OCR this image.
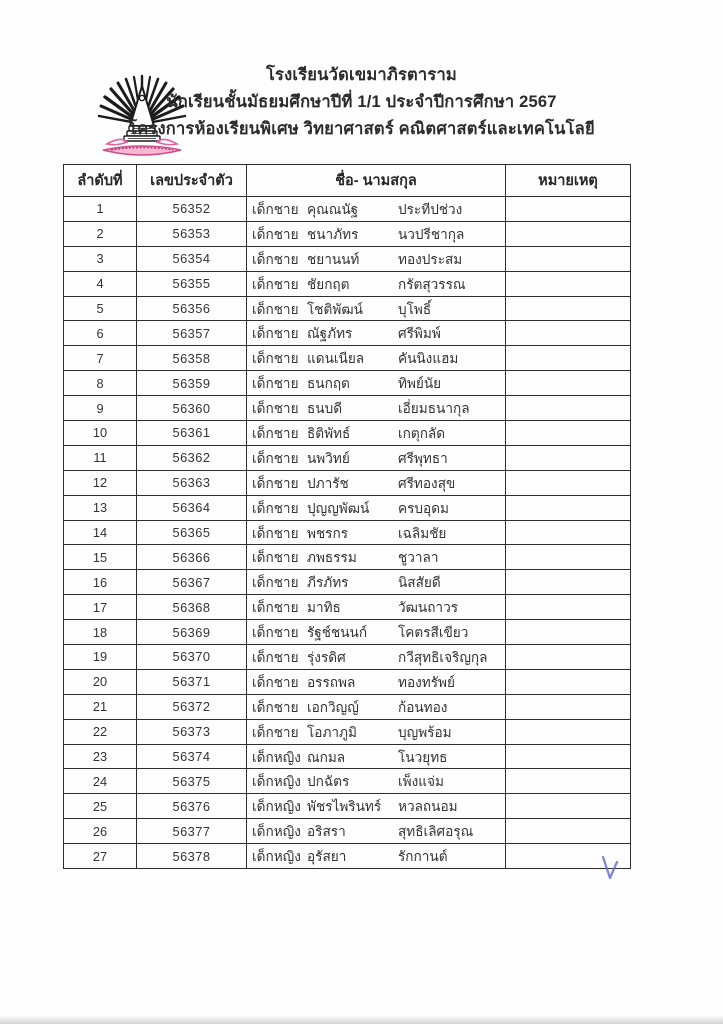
โรงเรียนวัดเขมาภิรตาราม
นักเรียนชั้นมัธยมศึกษาปีที่ 1/1 ประจำปีการศึกษา 2567
โครงการห้องเรียนพิเศษ วิทยาศาสตร์ คณิตศาสตร์และเทคโนโลยี
ลำดับที่	เลขประจำตัว	ชื่อ- นามสกุล	หมายเหตุ
1	56352	เด็กชาย คุณณนัฐ ประทีปช่วง	

2	56353	เด็กชาย ชนาภัทร นวปรีชากุล	

3	56354	เด็กชาย ชยานนท์ ทองประสม	

4	56355	เด็กชาย ชัยกฤต กรัตสุวรรณ	

5	56356	เด็กชาย โชติพัฒน์ บุโพธิ์	

6	56357	เด็กชาย ณัฐภัทร ศรีพิมพ์	

7	56358	เด็กชาย แดนเนียล คันนิงแฮม	

8	56359	เด็กชาย ธนกฤต ทิพย์นัย	

9	56360	เด็กชาย ธนบดี เอี่ยมธนากุล	

10	56361	เด็กชาย ธิติพัทธ์ เกตุกลัด	

11	56362	เด็กชาย นพวิทย์ ศรีพุทธา	

12	56363	เด็กชาย ปภารัช ศรีทองสุข	

13	56364	เด็กชาย ปุญญพัฒน์ ครบอุดม	

14	56365	เด็กชาย พชรกร เฉลิมชัย	

15	56366	เด็กชาย ภพธรรม ชูวาลา	

16	56367	เด็กชาย ภีรภัทร นิสสัยดี	

17	56368	เด็กชาย มาทิธ วัฒนถาวร	

18	56369	เด็กชาย รัฐช์ชนนก์ โคตรสีเขียว	

19	56370	เด็กชาย รุ่งรดิศ กวีสุทธิเจริญกุล	

20	56371	เด็กชาย อรรถพล ทองทรัพย์	

21	56372	เด็กชาย เอกวิญญ์ ก้อนทอง	

22	56373	เด็กชาย โอภาภูมิ บุญพร้อม	

23	56374	เด็กหญิง ณกมล โนวยุทธ	

24	56375	เด็กหญิง ปกฉัตร เพ็งแจ่ม	

25	56376	เด็กหญิง พัชรไพรินทร์ หวลถนอม	

26	56377	เด็กหญิง อริสรา สุทธิเลิศอรุณ	

27	56378	เด็กหญิง อุรัสยา รักกานต์	
